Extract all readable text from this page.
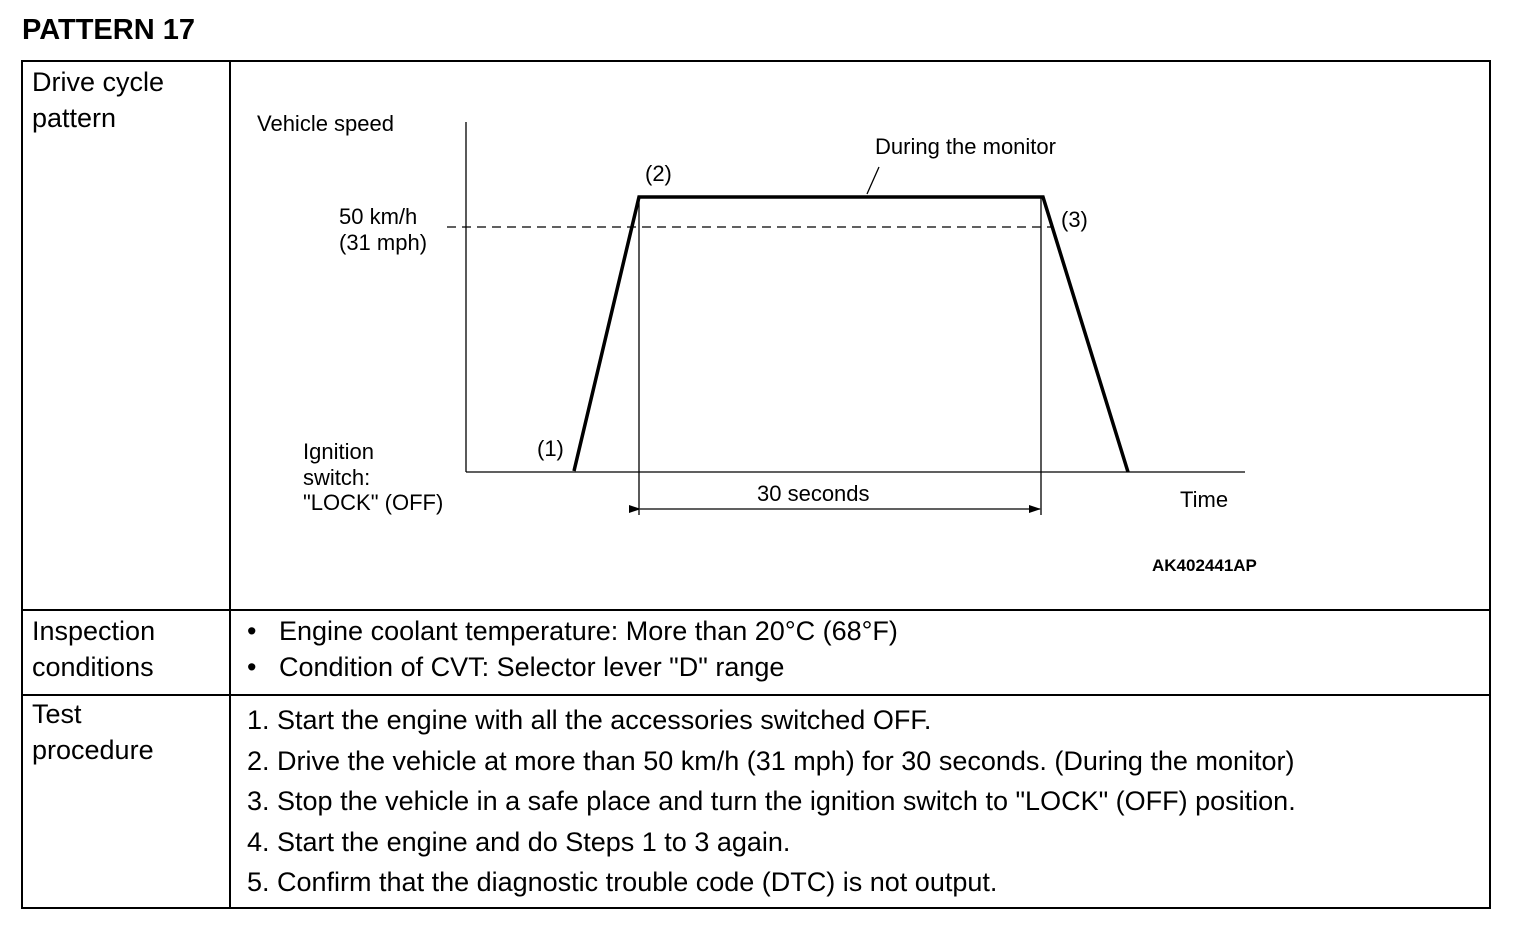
PATTERN 17
Drive cycle
pattern
Inspection
conditions
• Engine coolant temperature: More than 20°C (68°F)
• Condition of CVT: Selector lever "D" range
Test
procedure
1. Start the engine with all the accessories switched OFF.
2. Drive the vehicle at more than 50 km/h (31 mph) for 30 seconds. (During the monitor)
3. Stop the vehicle in a safe place and turn the ignition switch to "LOCK" (OFF) position.
4. Start the engine and do Steps 1 to 3 again.
5. Confirm that the diagnostic trouble code (DTC) is not output.
Vehicle speed
50 km/h
(31 mph)
Ignition
switch:
"LOCK" (OFF)
(1)
(2)
(3)
During the monitor
30 seconds	Time
AK402441AP
